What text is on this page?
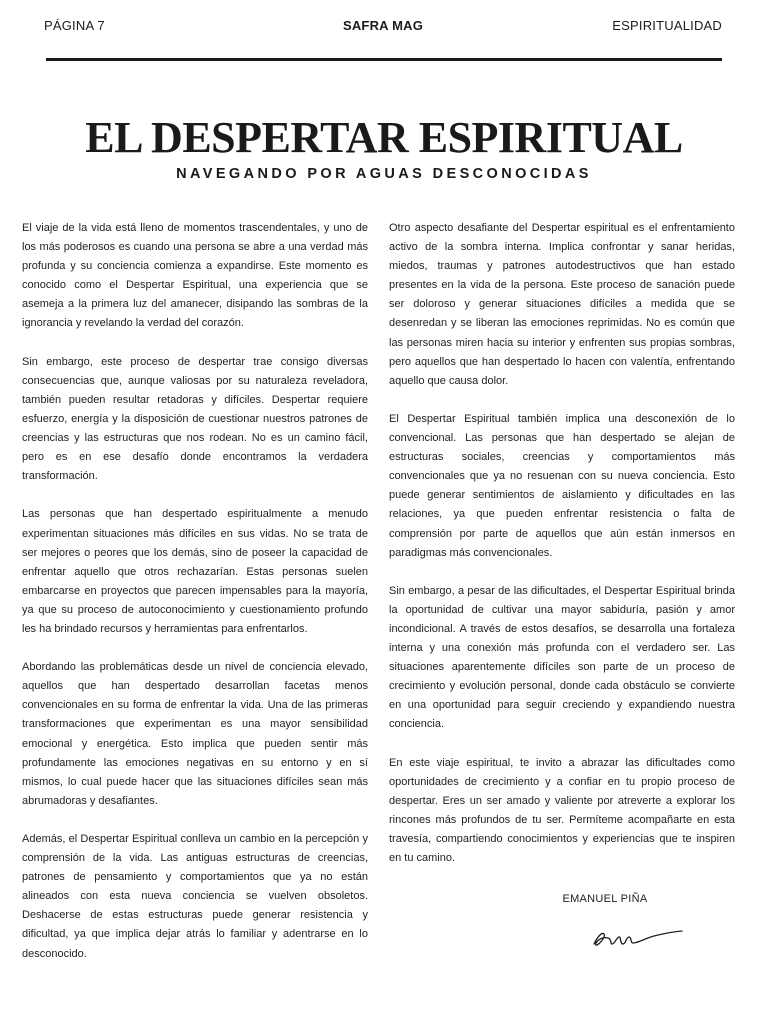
PÁGINA 7	SAFRA MAG	ESPIRITUALIDAD
EL DESPERTAR ESPIRITUAL
NAVEGANDO POR AGUAS DESCONOCIDAS

El viaje de la vida está lleno de momentos trascendentales, y uno de los más poderosos es cuando una persona se abre a una verdad más profunda y su conciencia comienza a expandirse. Este momento es conocido como el Despertar Espiritual, una experiencia que se asemeja a la primera luz del amanecer, disipando las sombras de la ignorancia y revelando la verdad del corazón.

Sin embargo, este proceso de despertar trae consigo diversas consecuencias que, aunque valiosas por su naturaleza reveladora, también pueden resultar retadoras y difíciles. Despertar requiere esfuerzo, energía y la disposición de cuestionar nuestros patrones de creencias y las estructuras que nos rodean. No es un camino fácil, pero es en ese desafío donde encontramos la verdadera transformación.

Las personas que han despertado espiritualmente a menudo experimentan situaciones más difíciles en sus vidas. No se trata de ser mejores o peores que los demás, sino de poseer la capacidad de enfrentar aquello que otros rechazarían. Estas personas suelen embarcarse en proyectos que parecen impensables para la mayoría, ya que su proceso de autoconocimiento y cuestionamiento profundo les ha brindado recursos y herramientas para enfrentarlos.

Abordando las problemáticas desde un nivel de conciencia elevado, aquellos que han despertado desarrollan facetas menos convencionales en su forma de enfrentar la vida. Una de las primeras transformaciones que experimentan es una mayor sensibilidad emocional y energética. Esto implica que pueden sentir más profundamente las emociones negativas en su entorno y en sí mismos, lo cual puede hacer que las situaciones difíciles sean más abrumadoras y desafiantes.

Además, el Despertar Espiritual conlleva un cambio en la percepción y comprensión de la vida. Las antiguas estructuras de creencias, patrones de pensamiento y comportamientos que ya no están alineados con esta nueva conciencia se vuelven obsoletos. Deshacerse de estas estructuras puede generar resistencia y dificultad, ya que implica dejar atrás lo familiar y adentrarse en lo desconocido.

Otro aspecto desafiante del Despertar espiritual es el enfrentamiento activo de la sombra interna. Implica confrontar y sanar heridas, miedos, traumas y patrones autodestructivos que han estado presentes en la vida de la persona. Este proceso de sanación puede ser doloroso y generar situaciones difíciles a medida que se desenredan y se liberan las emociones reprimidas. No es común que las personas miren hacia su interior y enfrenten sus propias sombras, pero aquellos que han despertado lo hacen con valentía, enfrentando aquello que causa dolor.

El Despertar Espiritual también implica una desconexión de lo convencional. Las personas que han despertado se alejan de estructuras sociales, creencias y comportamientos más convencionales que ya no resuenan con su nueva conciencia. Esto puede generar sentimientos de aislamiento y dificultades en las relaciones, ya que pueden enfrentar resistencia o falta de comprensión por parte de aquellos que aún están inmersos en paradigmas más convencionales.

Sin embargo, a pesar de las dificultades, el Despertar Espiritual brinda la oportunidad de cultivar una mayor sabiduría, pasión y amor incondicional. A través de estos desafíos, se desarrolla una fortaleza interna y una conexión más profunda con el verdadero ser. Las situaciones aparentemente difíciles son parte de un proceso de crecimiento y evolución personal, donde cada obstáculo se convierte en una oportunidad para seguir creciendo y expandiendo nuestra conciencia.

En este viaje espiritual, te invito a abrazar las dificultades como oportunidades de crecimiento y a confiar en tu propio proceso de despertar. Eres un ser amado y valiente por atreverte a explorar los rincones más profundos de tu ser. Permíteme acompañarte en esta travesía, compartiendo conocimientos y experiencias que te inspiren en tu camino.

EMANUEL PIÑA
